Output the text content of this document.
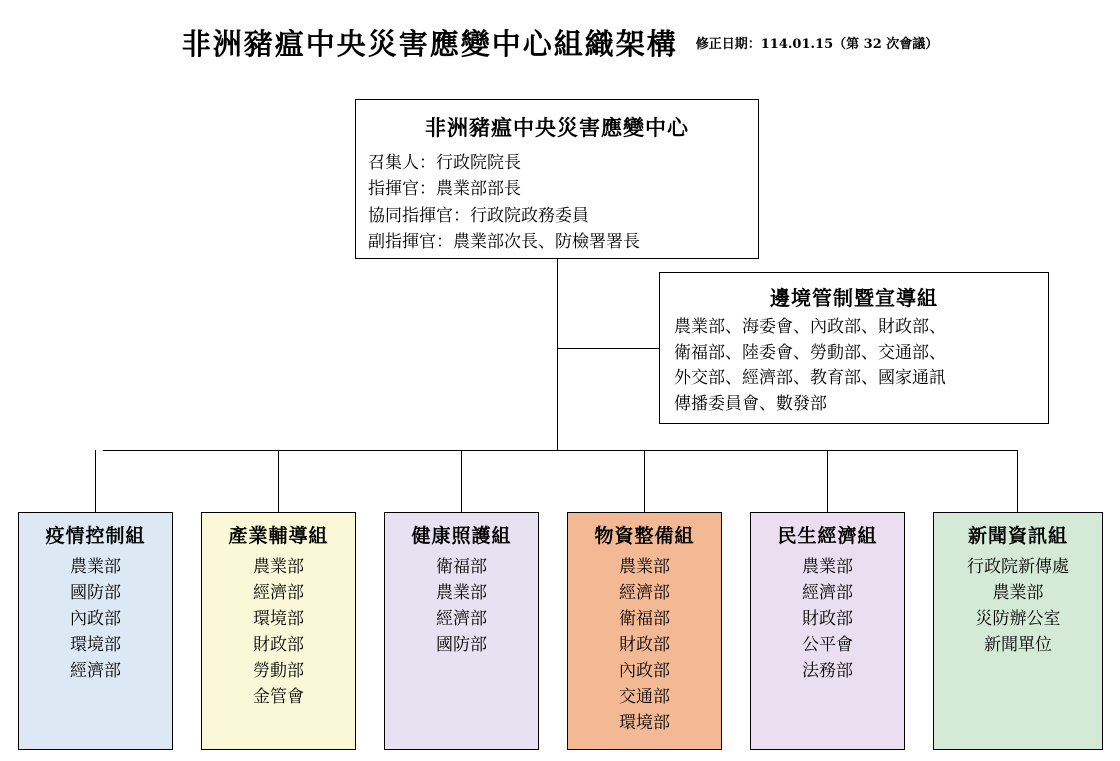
非洲豬瘟中央災害應變中心組織架構 $^{修正日期:114.01.15(第 32 次會議)}$
非洲豬瘟中央災害應變中心
召集人：行政院院長
指揮官：農業部部長
協同指揮官：行政院政務委員
副指揮官：農業部次長、防檢署署長
邊境管制暨宣導組
農業部、海委會、內政部、財政部、
衛福部、陸委會、勞動部、交通部、
外交部、經濟部、教育部、國家通訊
傳播委員會、數發部
疫情控制組
農業部
國防部
內政部
環境部
經濟部
產業輔導組
農業部
經濟部
環境部
財政部
勞動部
金管會
健康照護組
衛福部
農業部
經濟部
國防部
物資整備組
農業部
經濟部
衛福部
財政部
內政部
交通部
環境部
民生經濟組
農業部
經濟部
財政部
公平會
法務部
新聞資訊組
行政院新傳處
農業部
災防辦公室
新聞單位
